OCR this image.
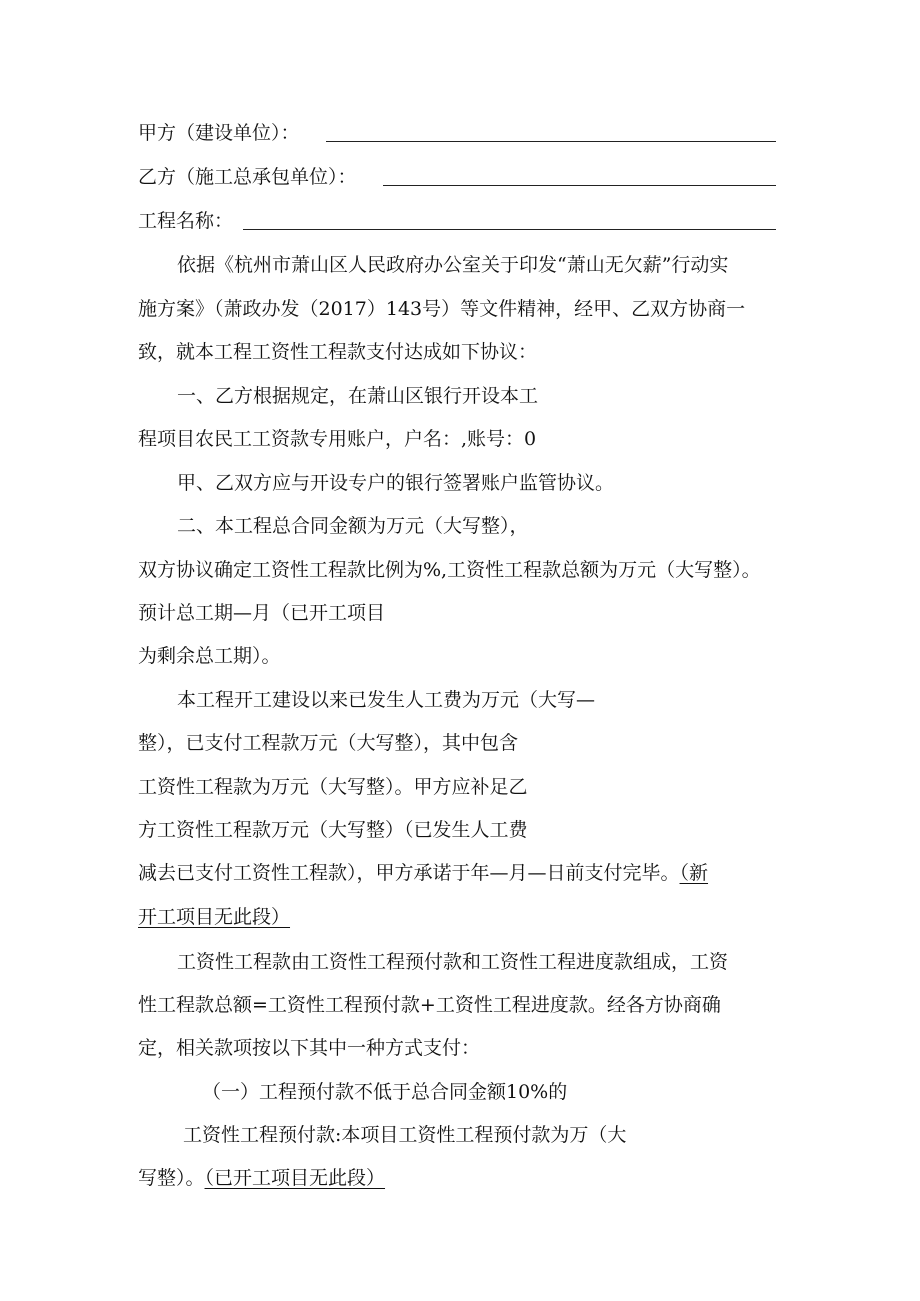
甲方（建设单位）：
乙方（施工总承包单位）：
工程名称：
依据《杭州市萧山区人民政府办公室关于印发“萧山无欠薪”行动实
施方案》（萧政办发（2017）143号）等文件精神，经甲、乙双方协商一
致，就本工程工资性工程款支付达成如下协议：
一、乙方根据规定，在萧山区银行开设本工
程项目农民工工资款专用账户，户名：,账号：0
甲、乙双方应与开设专户的银行签署账户监管协议。
二、本工程总合同金额为万元（大写整），
双方协议确定工资性工程款比例为%,工资性工程款总额为万元（大写整）。
预计总工期—月（已开工项目
为剩余总工期）。
本工程开工建设以来已发生人工费为万元（大写—
整），已支付工程款万元（大写整），其中包含
工资性工程款为万元（大写整）。甲方应补足乙
方工资性工程款万元（大写整）（已发生人工费
减去已支付工资性工程款），甲方承诺于年—月—日前支付完毕。（新
开工项目无此段）
工资性工程款由工资性工程预付款和工资性工程进度款组成，工资
性工程款总额=工资性工程预付款+工资性工程进度款。经各方协商确
定，相关款项按以下其中一种方式支付：
（一）工程预付款不低于总合同金额10%的
工资性工程预付款:本项目工资性工程预付款为万（大
写整）。（已开工项目无此段）
